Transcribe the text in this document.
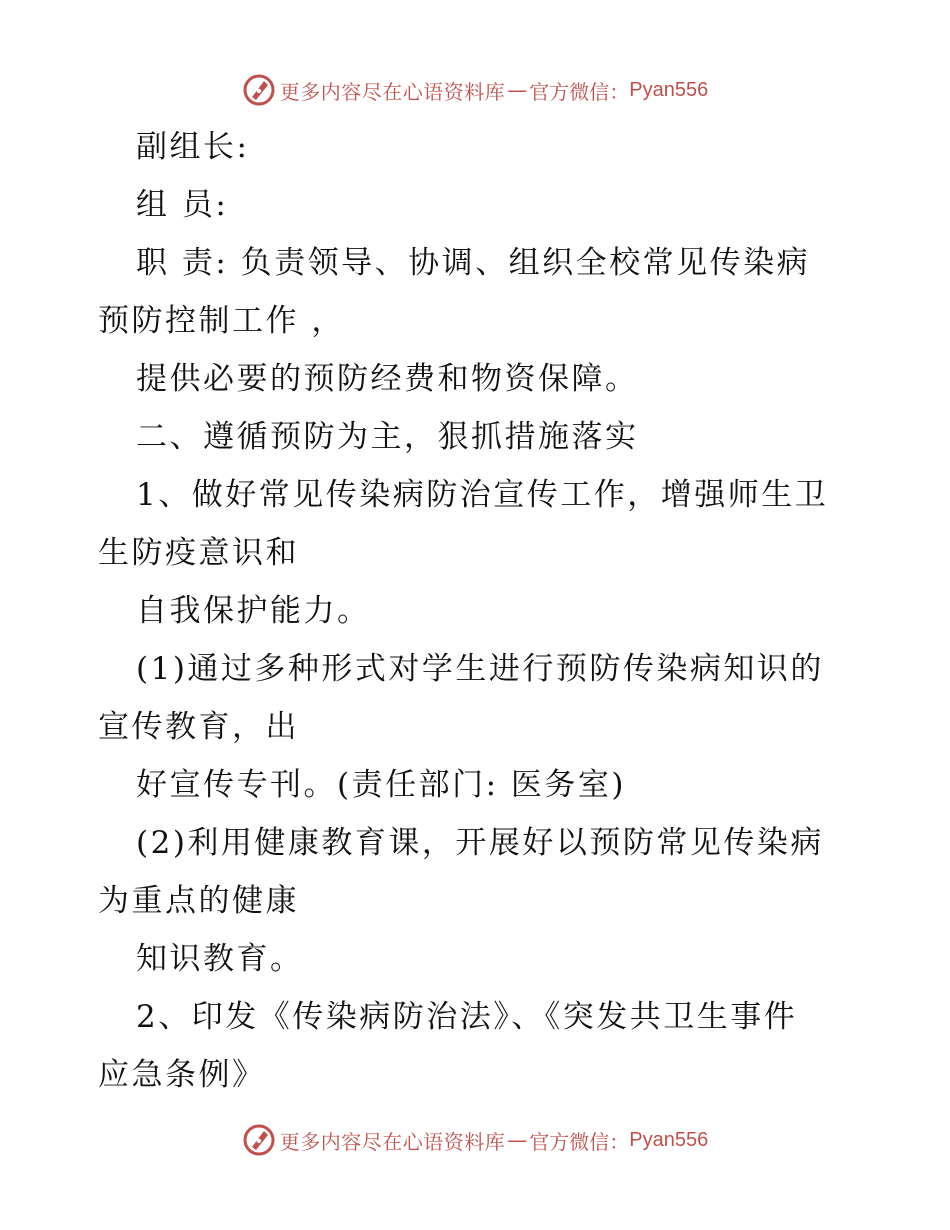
更多内容尽在心语资料库 — 官方微信： Pyan556
副组长:
组 员:
职 责: 负责领导、协调、组织全校常见传染病
预防控制工作 ，
提供必要的预防经费和物资保障。
二、遵循预防为主，狠抓措施落实
1、做好常见传染病防治宣传工作，增强师生卫
生防疫意识和
自我保护能力。
(1)通过多种形式对学生进行预防传染病知识的
宣传教育，出
好宣传专刊。(责任部门: 医务室)
(2)利用健康教育课，开展好以预防常见传染病
为重点的健康
知识教育。
2、印发《传染病防治法》、《突发共卫生事件
应急条例》
更多内容尽在心语资料库 — 官方微信： Pyan556
